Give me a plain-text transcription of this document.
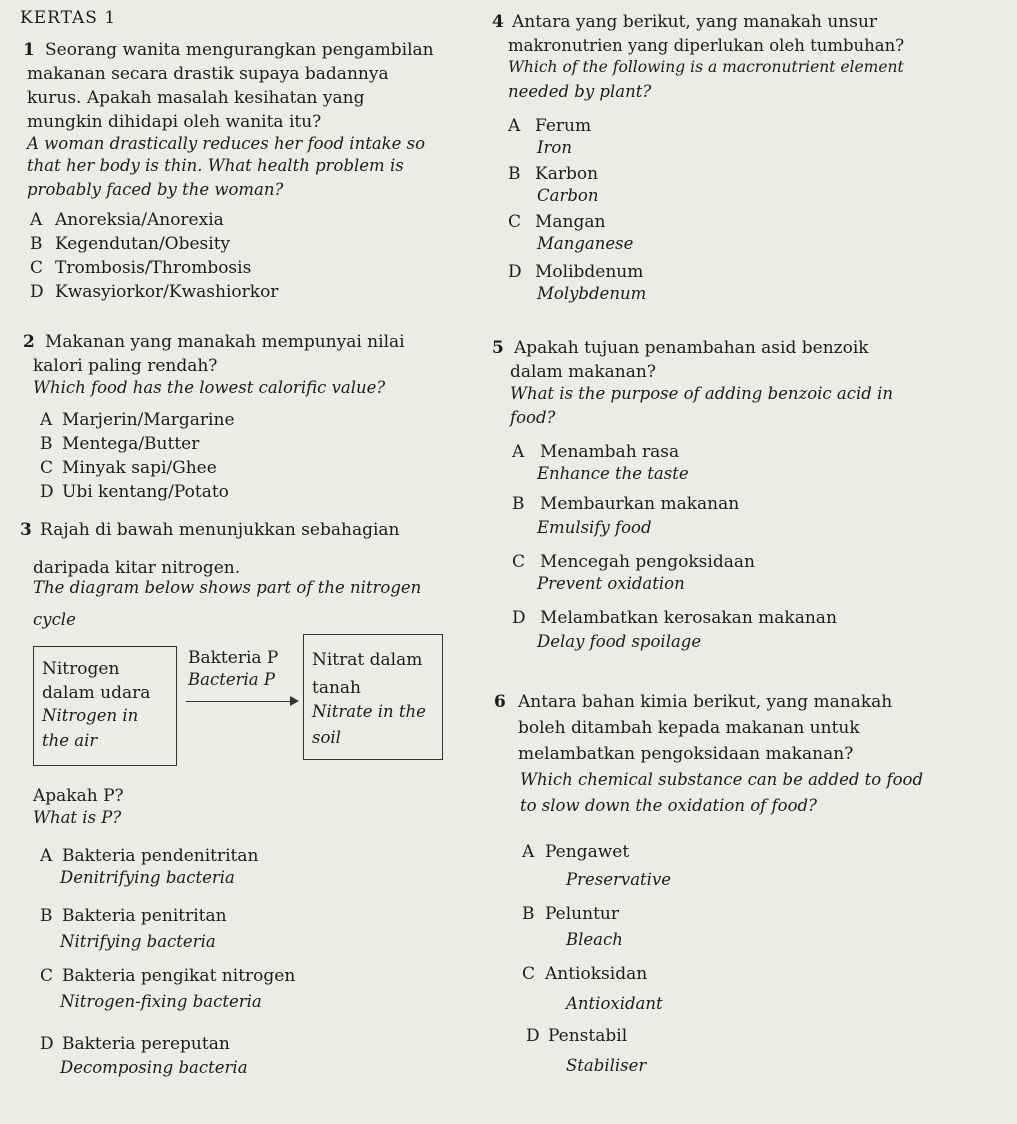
KERTAS 1
1 Seorang wanita mengurangkan pengambilan
makanan secara drastik supaya badannya
kurus. Apakah masalah kesihatan yang
mungkin dihidapi oleh wanita itu?
A woman drastically reduces her food intake so
that her body is thin. What health problem is
probably faced by the woman?
A Anoreksia/Anorexia
B Kegendutan/Obesity
C Trombosis/Thrombosis
D Kwasyiorkor/Kwashiorkor
2 Makanan yang manakah mempunyai nilai
kalori paling rendah?
Which food has the lowest calorific value?
A Marjerin/Margarine
B Mentega/Butter
C Minyak sapi/Ghee
D Ubi kentang/Potato
3 Rajah di bawah menunjukkan sebahagian
daripada kitar nitrogen.
The diagram below shows part of the nitrogen
cycle
Nitrogen
dalam udara
Nitrogen in
the air
Bakteria P
Bacteria P
Nitrat dalam
tanah
Nitrate in the
soil
Apakah P?
What is P?
A Bakteria pendenitritan
Denitrifying bacteria
B Bakteria penitritan
Nitrifying bacteria
C Bakteria pengikat nitrogen
Nitrogen-fixing bacteria
D Bakteria pereputan
Decomposing bacteria
4 Antara yang berikut, yang manakah unsur
makronutrien yang diperlukan oleh tumbuhan?
Which of the following is a macronutrient element
needed by plant?
A Ferum
Iron
B Karbon
Carbon
C Mangan
Manganese
D Molibdenum
Molybdenum
5 Apakah tujuan penambahan asid benzoik
dalam makanan?
What is the purpose of adding benzoic acid in
food?
A Menambah rasa
Enhance the taste
B Membaurkan makanan
Emulsify food
C Mencegah pengoksidaan
Prevent oxidation
D Melambatkan kerosakan makanan
Delay food spoilage
6 Antara bahan kimia berikut, yang manakah
boleh ditambah kepada makanan untuk
melambatkan pengoksidaan makanan?
Which chemical substance can be added to food
to slow down the oxidation of food?
A Pengawet
Preservative
B Peluntur
Bleach
C Antioksidan
Antioxidant
D Penstabil
Stabiliser
